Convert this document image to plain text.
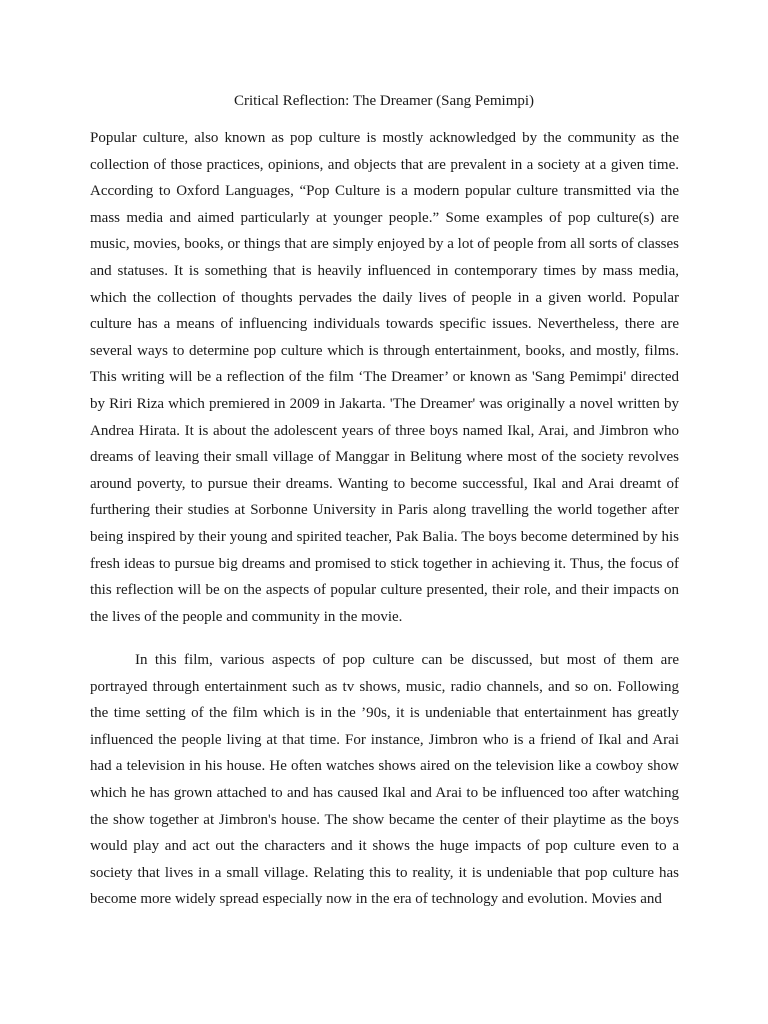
Critical Reflection: The Dreamer (Sang Pemimpi)

Popular culture, also known as pop culture is mostly acknowledged by the community as the collection of those practices, opinions, and objects that are prevalent in a society at a given time. According to Oxford Languages, “Pop Culture is a modern popular culture transmitted via the mass media and aimed particularly at younger people.” Some examples of pop culture(s) are music, movies, books, or things that are simply enjoyed by a lot of people from all sorts of classes and statuses. It is something that is heavily influenced in contemporary times by mass media, which the collection of thoughts pervades the daily lives of people in a given world. Popular culture has a means of influencing individuals towards specific issues. Nevertheless, there are several ways to determine pop culture which is through entertainment, books, and mostly, films. This writing will be a reflection of the film ‘The Dreamer’ or known as 'Sang Pemimpi' directed by Riri Riza which premiered in 2009 in Jakarta. 'The Dreamer' was originally a novel written by Andrea Hirata. It is about the adolescent years of three boys named Ikal, Arai, and Jimbron who dreams of leaving their small village of Manggar in Belitung where most of the society revolves around poverty, to pursue their dreams. Wanting to become successful, Ikal and Arai dreamt of furthering their studies at Sorbonne University in Paris along travelling the world together after being inspired by their young and spirited teacher, Pak Balia. The boys become determined by his fresh ideas to pursue big dreams and promised to stick together in achieving it. Thus, the focus of this reflection will be on the aspects of popular culture presented, their role, and their impacts on the lives of the people and community in the movie.

In this film, various aspects of pop culture can be discussed, but most of them are portrayed through entertainment such as tv shows, music, radio channels, and so on. Following the time setting of the film which is in the ’90s, it is undeniable that entertainment has greatly influenced the people living at that time. For instance, Jimbron who is a friend of Ikal and Arai had a television in his house. He often watches shows aired on the television like a cowboy show which he has grown attached to and has caused Ikal and Arai to be influenced too after watching the show together at Jimbron's house. The show became the center of their playtime as the boys would play and act out the characters and it shows the huge impacts of pop culture even to a society that lives in a small village. Relating this to reality, it is undeniable that pop culture has become more widely spread especially now in the era of technology and evolution. Movies and
